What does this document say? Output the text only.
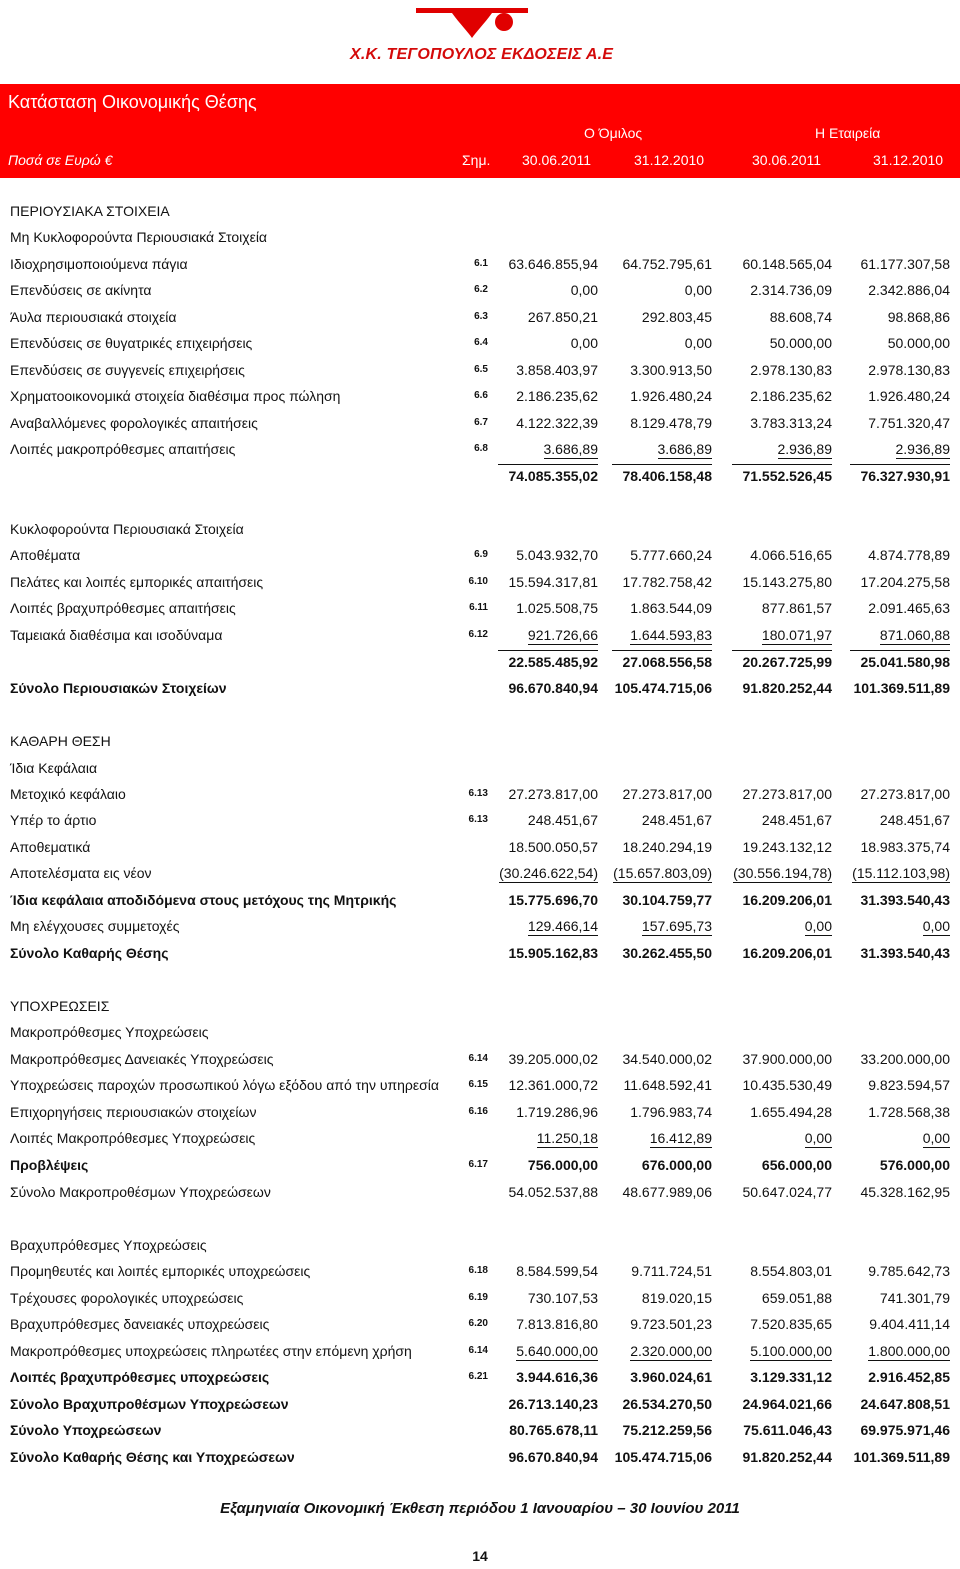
Χ.Κ. ΤΕΓΟΠΟΥΛΟΣ ΕΚΔΟΣΕΙΣ Α.Ε
Κατάσταση Οικονομικής Θέσης
Ο Όμιλος	Η Εταιρεία
Ποσά σε Ευρώ €	Σημ. 30.06.2011	31.12.2010	30.06.2011	31.12.2010
ΠΕΡΙΟΥΣΙΑΚΑ ΣΤΟΙΧΕΙΑ
Μη Κυκλοφορούντα Περιουσιακά Στοιχεία
Ιδιοχρησιμοποιούμενα πάγια	6.1	63.646.855,94	64.752.795,61	60.148.565,04	61.177.307,58
Επενδύσεις σε ακίνητα	6.2	0,00	0,00	2.314.736,09	2.342.886,04
Άυλα περιουσιακά στοιχεία	6.3	267.850,21	292.803,45	88.608,74	98.868,86
Επενδύσεις σε θυγατρικές επιχειρήσεις	6.4	0,00	0,00	50.000,00	50.000,00
Επενδύσεις σε συγγενείς επιχειρήσεις	6.5	3.858.403,97	3.300.913,50	2.978.130,83	2.978.130,83
Χρηματοοικονομικά στοιχεία διαθέσιμα προς πώληση	6.6	2.186.235,62	1.926.480,24	2.186.235,62	1.926.480,24
Αναβαλλόμενες φορολογικές απαιτήσεις	6.7	4.122.322,39	8.129.478,79	3.783.313,24	7.751.320,47
Λοιπές μακροπρόθεσμες απαιτήσεις	6.8	3.686,89	3.686,89	2.936,89	2.936,89
74.085.355,02	78.406.158,48	71.552.526,45	76.327.930,91
Κυκλοφορούντα Περιουσιακά Στοιχεία
Αποθέματα	6.9	5.043.932,70	5.777.660,24	4.066.516,65	4.874.778,89
Πελάτες και λοιπές εμπορικές απαιτήσεις	6.10	15.594.317,81	17.782.758,42	15.143.275,80	17.204.275,58
Λοιπές βραχυπρόθεσμες απαιτήσεις	6.11	1.025.508,75	1.863.544,09	877.861,57	2.091.465,63
Ταμειακά διαθέσιμα και ισοδύναμα	6.12	921.726,66	1.644.593,83	180.071,97	871.060,88
22.585.485,92	27.068.556,58	20.267.725,99	25.041.580,98
Σύνολο Περιουσιακών Στοιχείων	96.670.840,94 105.474.715,06	91.820.252,44 101.369.511,89
ΚΑΘΑΡΗ ΘΕΣΗ
Ίδια Κεφάλαια
Μετοχικό κεφάλαιο	6.13	27.273.817,00	27.273.817,00	27.273.817,00	27.273.817,00
Υπέρ το άρτιο	6.13	248.451,67	248.451,67	248.451,67	248.451,67
Αποθεματικά	18.500.050,57	18.240.294,19	19.243.132,12	18.983.375,74
Αποτελέσματα εις νέον	(30.246.622,54) (15.657.803,09) (30.556.194,78) (15.112.103,98)
Ίδια κεφάλαια αποδιδόμενα στους μετόχους της Μητρικής	15.775.696,70	30.104.759,77	16.209.206,01	31.393.540,43
Μη ελέγχουσες συμμετοχές	129.466,14	157.695,73	0,00	0,00
Σύνολο Καθαρής Θέσης	15.905.162,83	30.262.455,50	16.209.206,01	31.393.540,43
ΥΠΟΧΡΕΩΣΕΙΣ
Μακροπρόθεσμες Υποχρεώσεις
Μακροπρόθεσμες Δανειακές Υποχρεώσεις	6.14	39.205.000,02	34.540.000,02	37.900.000,00	33.200.000,00
Υποχρεώσεις παροχών προσωπικού λόγω εξόδου από την υπηρεσία	6.15	12.361.000,72	11.648.592,41	10.435.530,49	9.823.594,57
Επιχορηγήσεις περιουσιακών στοιχείων	6.16	1.719.286,96	1.796.983,74	1.655.494,28	1.728.568,38
Λοιπές Μακροπρόθεσμες Υποχρεώσεις	11.250,18	16.412,89	0,00	0,00
Προβλέψεις	6.17	756.000,00	676.000,00	656.000,00	576.000,00
Σύνολο Μακροπροθέσμων Υποχρεώσεων	54.052.537,88	48.677.989,06	50.647.024,77	45.328.162,95
Βραχυπρόθεσμες Υποχρεώσεις
Προμηθευτές και λοιπές εμπορικές υποχρεώσεις	6.18	8.584.599,54	9.711.724,51	8.554.803,01	9.785.642,73
Τρέχουσες φορολογικές υποχρεώσεις	6.19	730.107,53	819.020,15	659.051,88	741.301,79
Βραχυπρόθεσμες δανειακές υποχρεώσεις	6.20	7.813.816,80	9.723.501,23	7.520.835,65	9.404.411,14
Μακροπρόθεσμες υποχρεώσεις πληρωτέες στην επόμενη χρήση	6.14	5.640.000,00	2.320.000,00	5.100.000,00	1.800.000,00
Λοιπές βραχυπρόθεσμες υποχρεώσεις	6.21	3.944.616,36	3.960.024,61	3.129.331,12	2.916.452,85
Σύνολο Βραχυπροθέσμων Υποχρεώσεων	26.713.140,23	26.534.270,50	24.964.021,66	24.647.808,51
Σύνολο Υποχρεώσεων	80.765.678,11	75.212.259,56	75.611.046,43	69.975.971,46
Σύνολο Καθαρής Θέσης και Υποχρεώσεων	96.670.840,94 105.474.715,06	91.820.252,44 101.369.511,89
Εξαμηνιαία Οικονομική Έκθεση περιόδου 1 Ιανουαρίου – 30 Ιουνίου 2011
14
